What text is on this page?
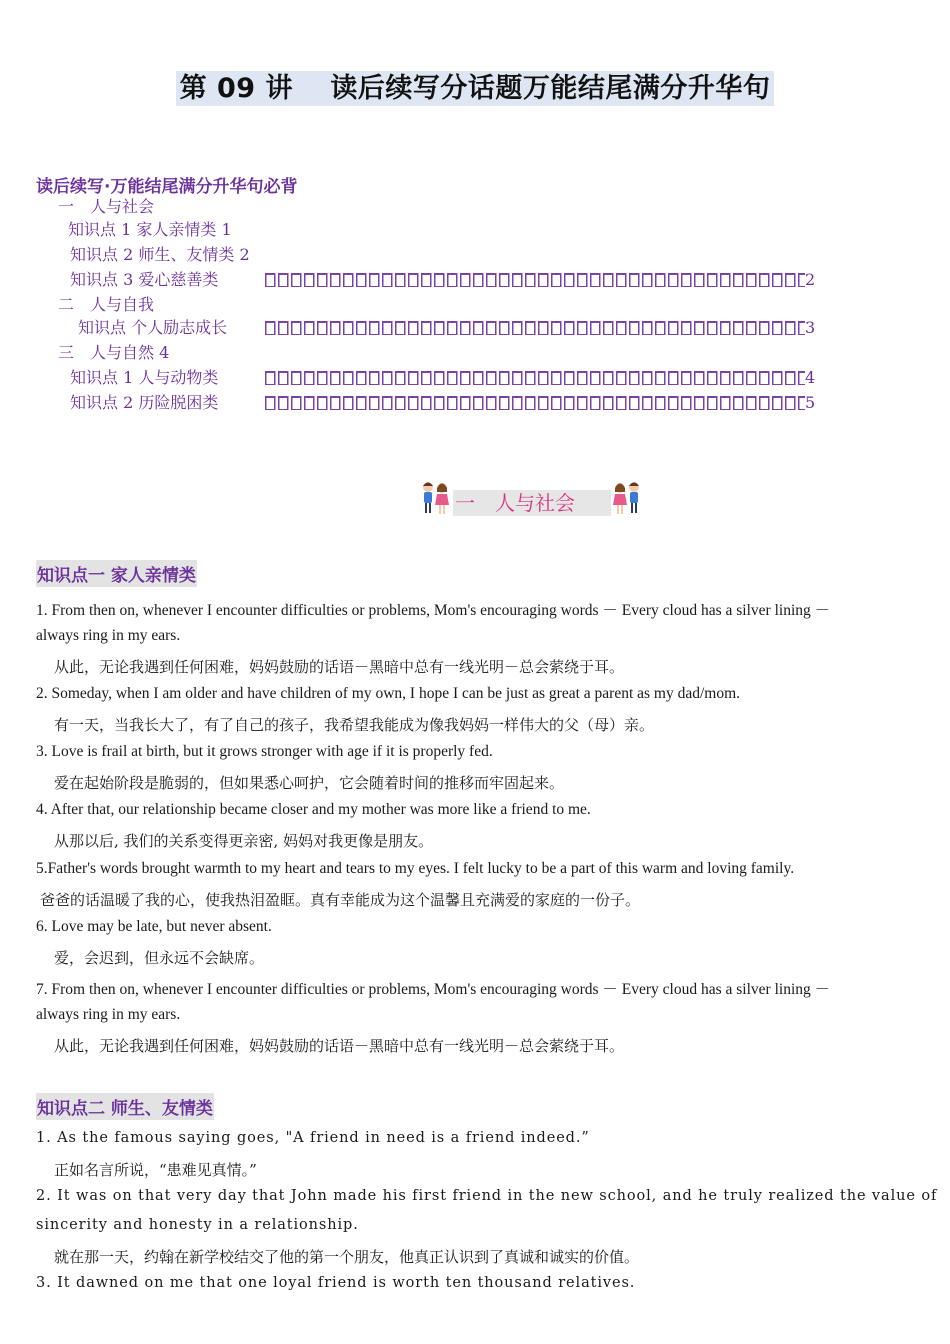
第 09 讲　 读后续写分话题万能结尾满分升华句
读后续写·万能结尾满分升华句必背
一　人与社会
知识点 1 家人亲情类 1
知识点 2 师生、友情类 2
知识点 3 爱心慈善类	2
二　人与自我
知识点 个人励志成长	3
三　人与自然 4
知识点 1 人与动物类	4
知识点 2 历险脱困类	5
一　人与社会
知识点一 家人亲情类
1. From then on, whenever I encounter difficulties or problems, Mom's encouraging words － Every cloud has a silver lining －
always ring in my ears.
从此，无论我遇到任何困难，妈妈鼓励的话语－黑暗中总有一线光明－总会萦绕于耳。
2. Someday, when I am older and have children of my own, I hope I can be just as great a parent as my dad/mom.
有一天，当我长大了，有了自己的孩子，我希望我能成为像我妈妈一样伟大的父（母）亲。
3. Love is frail at birth, but it grows stronger with age if it is properly fed.
爱在起始阶段是脆弱的，但如果悉心呵护，它会随着时间的推移而牢固起来。
4. After that, our relationship became closer and my mother was more like a friend to me.
从那以后, 我们的关系变得更亲密, 妈妈对我更像是朋友。
5.Father's words brought warmth to my heart and tears to my eyes. I felt lucky to be a part of this warm and loving family.
爸爸的话温暖了我的心，使我热泪盈眶。真有幸能成为这个温馨且充满爱的家庭的一份子。
6. Love may be late, but never absent.
爱，会迟到，但永远不会缺席。
7. From then on, whenever I encounter difficulties or problems, Mom's encouraging words － Every cloud has a silver lining －
always ring in my ears.
从此，无论我遇到任何困难，妈妈鼓励的话语－黑暗中总有一线光明－总会萦绕于耳。
知识点二 师生、友情类
1. As the famous saying goes, "A friend in need is a friend indeed.”
正如名言所说，“患难见真情。”
2. It was on that very day that John made his first friend in the new school, and he truly realized the value of
sincerity and honesty in a relationship.
就在那一天，约翰在新学校结交了他的第一个朋友，他真正认识到了真诚和诚实的价值。
3. It dawned on me that one loyal friend is worth ten thousand relatives.
